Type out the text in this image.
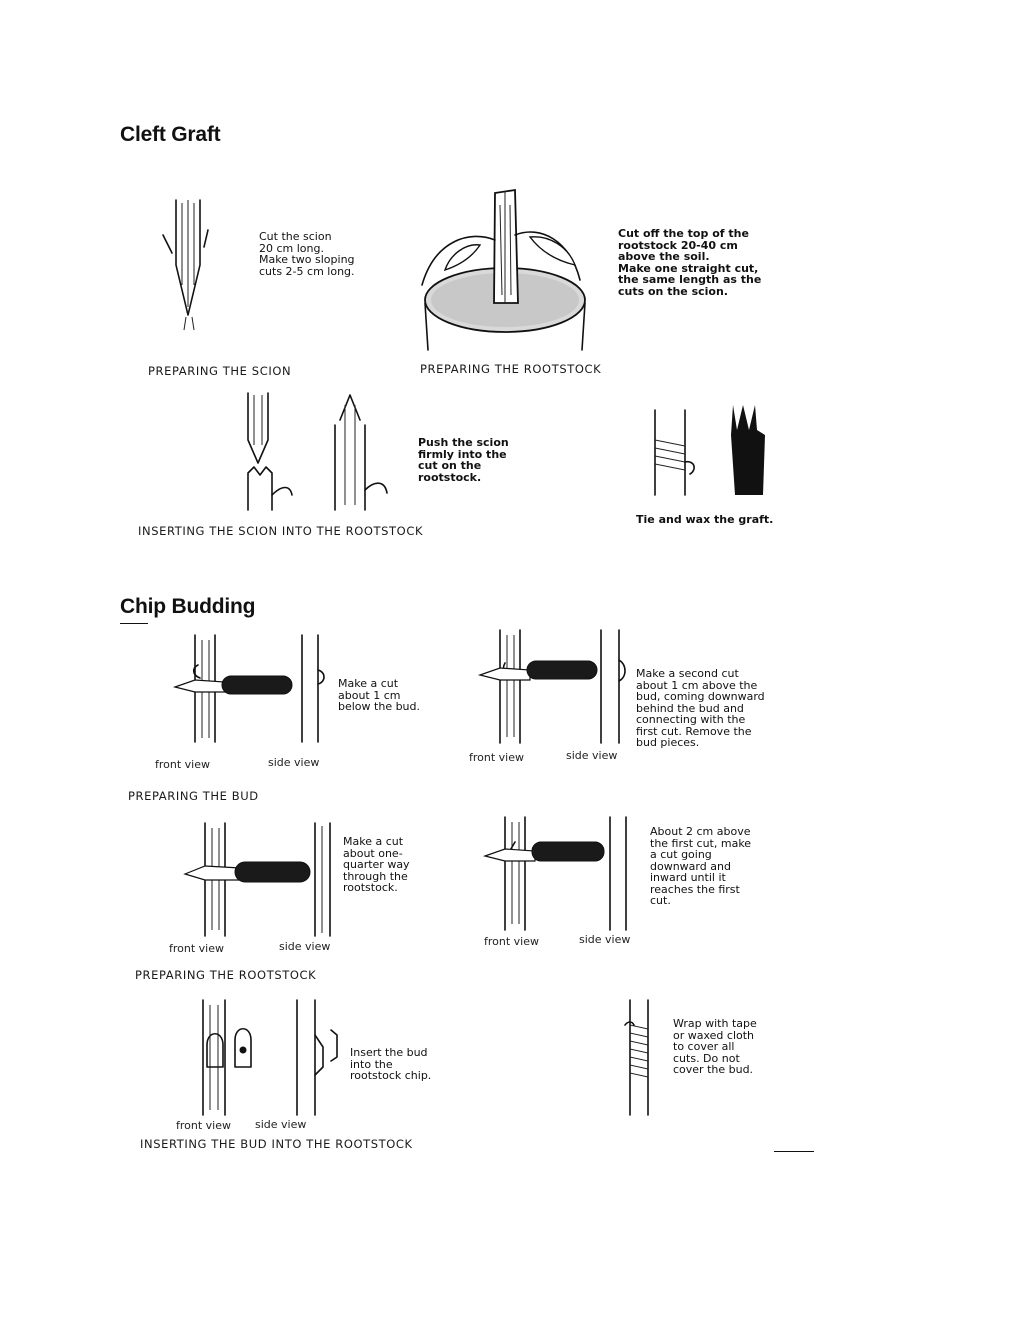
Cleft Graft
Cut the scion
20 cm long.
Make two sloping
cuts 2-5 cm long.
PREPARING THE SCION
Cut off the top of the
rootstock 20-40 cm
above the soil.
Make one straight cut,
the same length as the
cuts on the scion.
PREPARING THE ROOTSTOCK
Push the scion
firmly into the
cut on the
rootstock.
Tie and wax the graft.
INSERTING THE SCION INTO THE ROOTSTOCK
Chip Budding
Make a cut
about 1 cm
below the bud.
front view	side view
Make a second cut
about 1 cm above the
bud, coming downward
behind the bud and
connecting with the
first cut. Remove the
bud pieces.
front view	side view
PREPARING THE BUD
Make a cut
about one-
quarter way
through the
rootstock.
front view	side view
About 2 cm above
the first cut, make
a cut going
downward and
inward until it
reaches the first
cut.
front view	side view
PREPARING THE ROOTSTOCK
Insert the bud
into the
rootstock chip.
front view side view
INSERTING THE BUD INTO THE ROOTSTOCK
Wrap with tape
or waxed cloth
to cover all
cuts. Do not
cover the bud.
